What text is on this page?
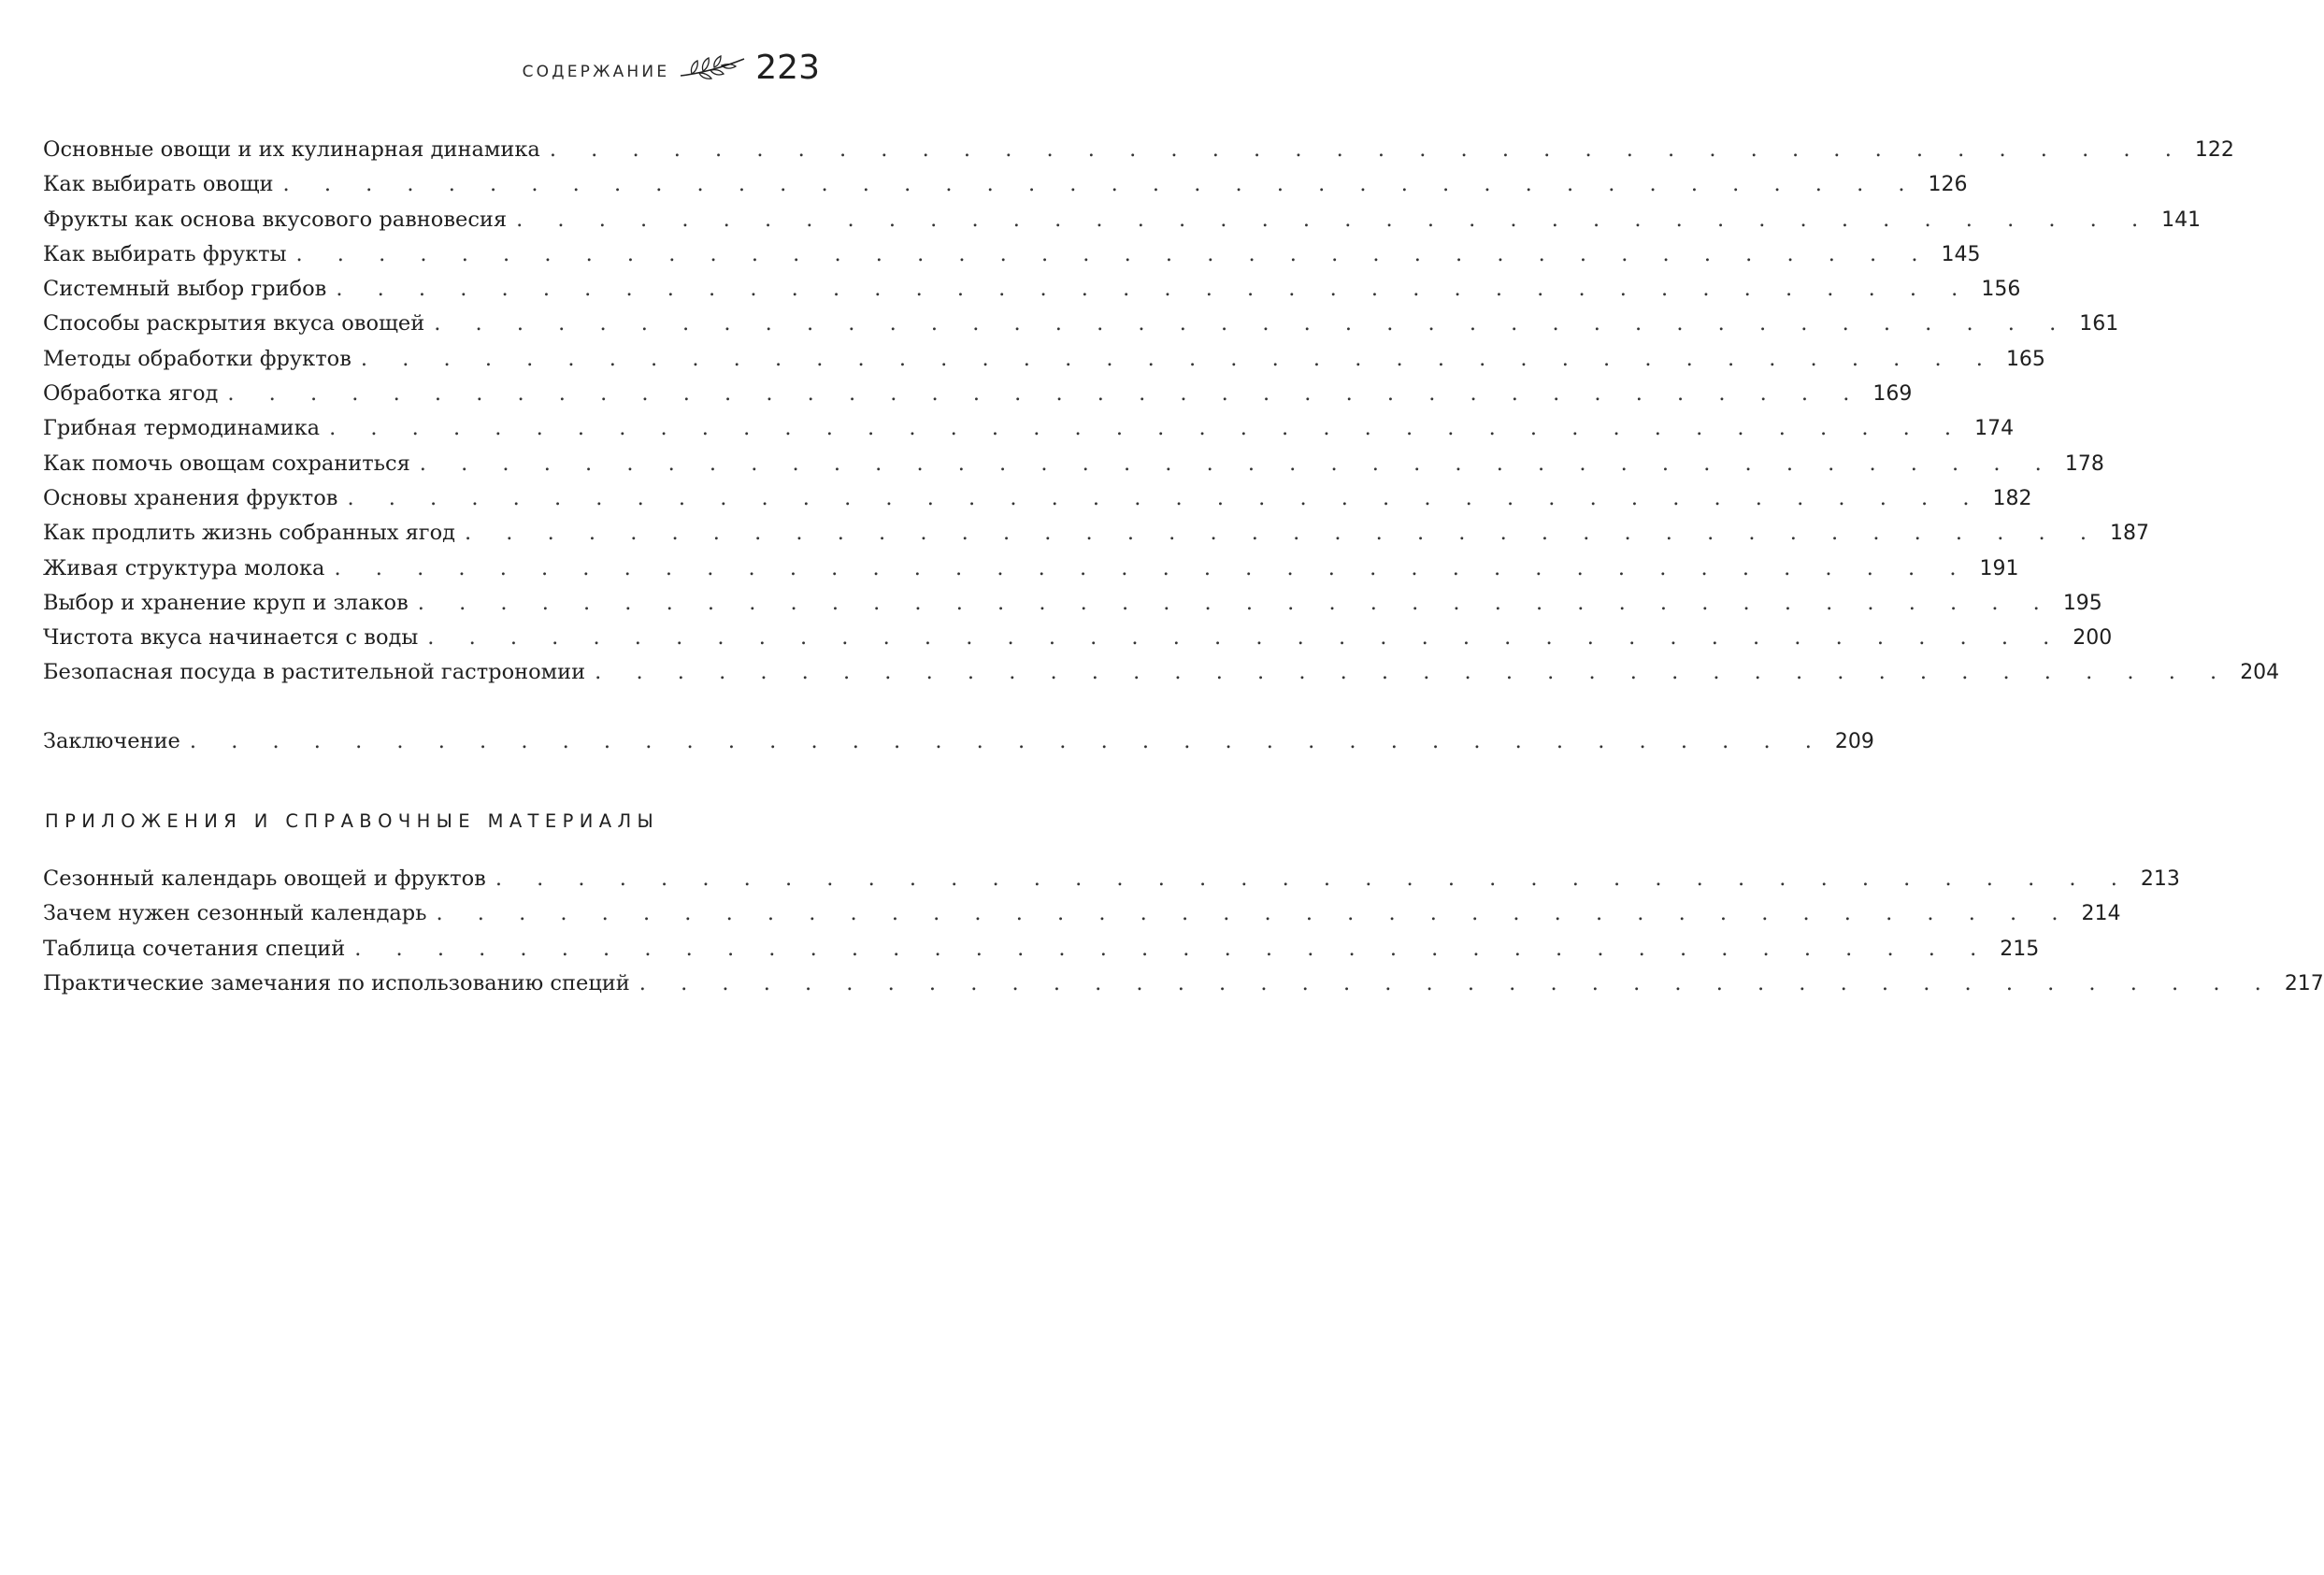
СОДЕРЖАНИЕ	223
Основные овощи и их кулинарная динамика . . . . . . . . . . . . . . . . . . . . . . . . . . . . . . . . . . . . . . . . 122
Как выбирать овощи . . . . . . . . . . . . . . . . . . . . . . . . . . . . . . . . . . . . . . . . 126
Фрукты как основа вкусового равновесия . . . . . . . . . . . . . . . . . . . . . . . . . . . . . . . . . . . . . . . . 141
Как выбирать фрукты . . . . . . . . . . . . . . . . . . . . . . . . . . . . . . . . . . . . . . . . 145
Системный выбор грибов . . . . . . . . . . . . . . . . . . . . . . . . . . . . . . . . . . . . . . . . 156
Способы раскрытия вкуса овощей . . . . . . . . . . . . . . . . . . . . . . . . . . . . . . . . . . . . . . . . 161
Методы обработки фруктов . . . . . . . . . . . . . . . . . . . . . . . . . . . . . . . . . . . . . . . . 165
Обработка ягод . . . . . . . . . . . . . . . . . . . . . . . . . . . . . . . . . . . . . . . . 169
Грибная термодинамика . . . . . . . . . . . . . . . . . . . . . . . . . . . . . . . . . . . . . . . . 174
Как помочь овощам сохраниться . . . . . . . . . . . . . . . . . . . . . . . . . . . . . . . . . . . . . . . . 178
Основы хранения фруктов . . . . . . . . . . . . . . . . . . . . . . . . . . . . . . . . . . . . . . . . 182
Как продлить жизнь собранных ягод . . . . . . . . . . . . . . . . . . . . . . . . . . . . . . . . . . . . . . . . 187
Живая структура молока . . . . . . . . . . . . . . . . . . . . . . . . . . . . . . . . . . . . . . . . 191
Выбор и хранение круп и злаков . . . . . . . . . . . . . . . . . . . . . . . . . . . . . . . . . . . . . . . . 195
Чистота вкуса начинается с воды . . . . . . . . . . . . . . . . . . . . . . . . . . . . . . . . . . . . . . . . 200
Безопасная посуда в растительной гастрономии . . . . . . . . . . . . . . . . . . . . . . . . . . . . . . . . . . . . . . . . 204
Заключение . . . . . . . . . . . . . . . . . . . . . . . . . . . . . . . . . . . . . . . . 209
ПРИЛОЖЕНИЯ И СПРАВОЧНЫЕ МАТЕРИАЛЫ
Сезонный календарь овощей и фруктов . . . . . . . . . . . . . . . . . . . . . . . . . . . . . . . . . . . . . . . . 213
Зачем нужен сезонный календарь . . . . . . . . . . . . . . . . . . . . . . . . . . . . . . . . . . . . . . . . 214
Таблица сочетания специй . . . . . . . . . . . . . . . . . . . . . . . . . . . . . . . . . . . . . . . . 215
Практические замечания по использованию специй . . . . . . . . . . . . . . . . . . . . . . . . . . . . . . . . . . . . . . . . 217
